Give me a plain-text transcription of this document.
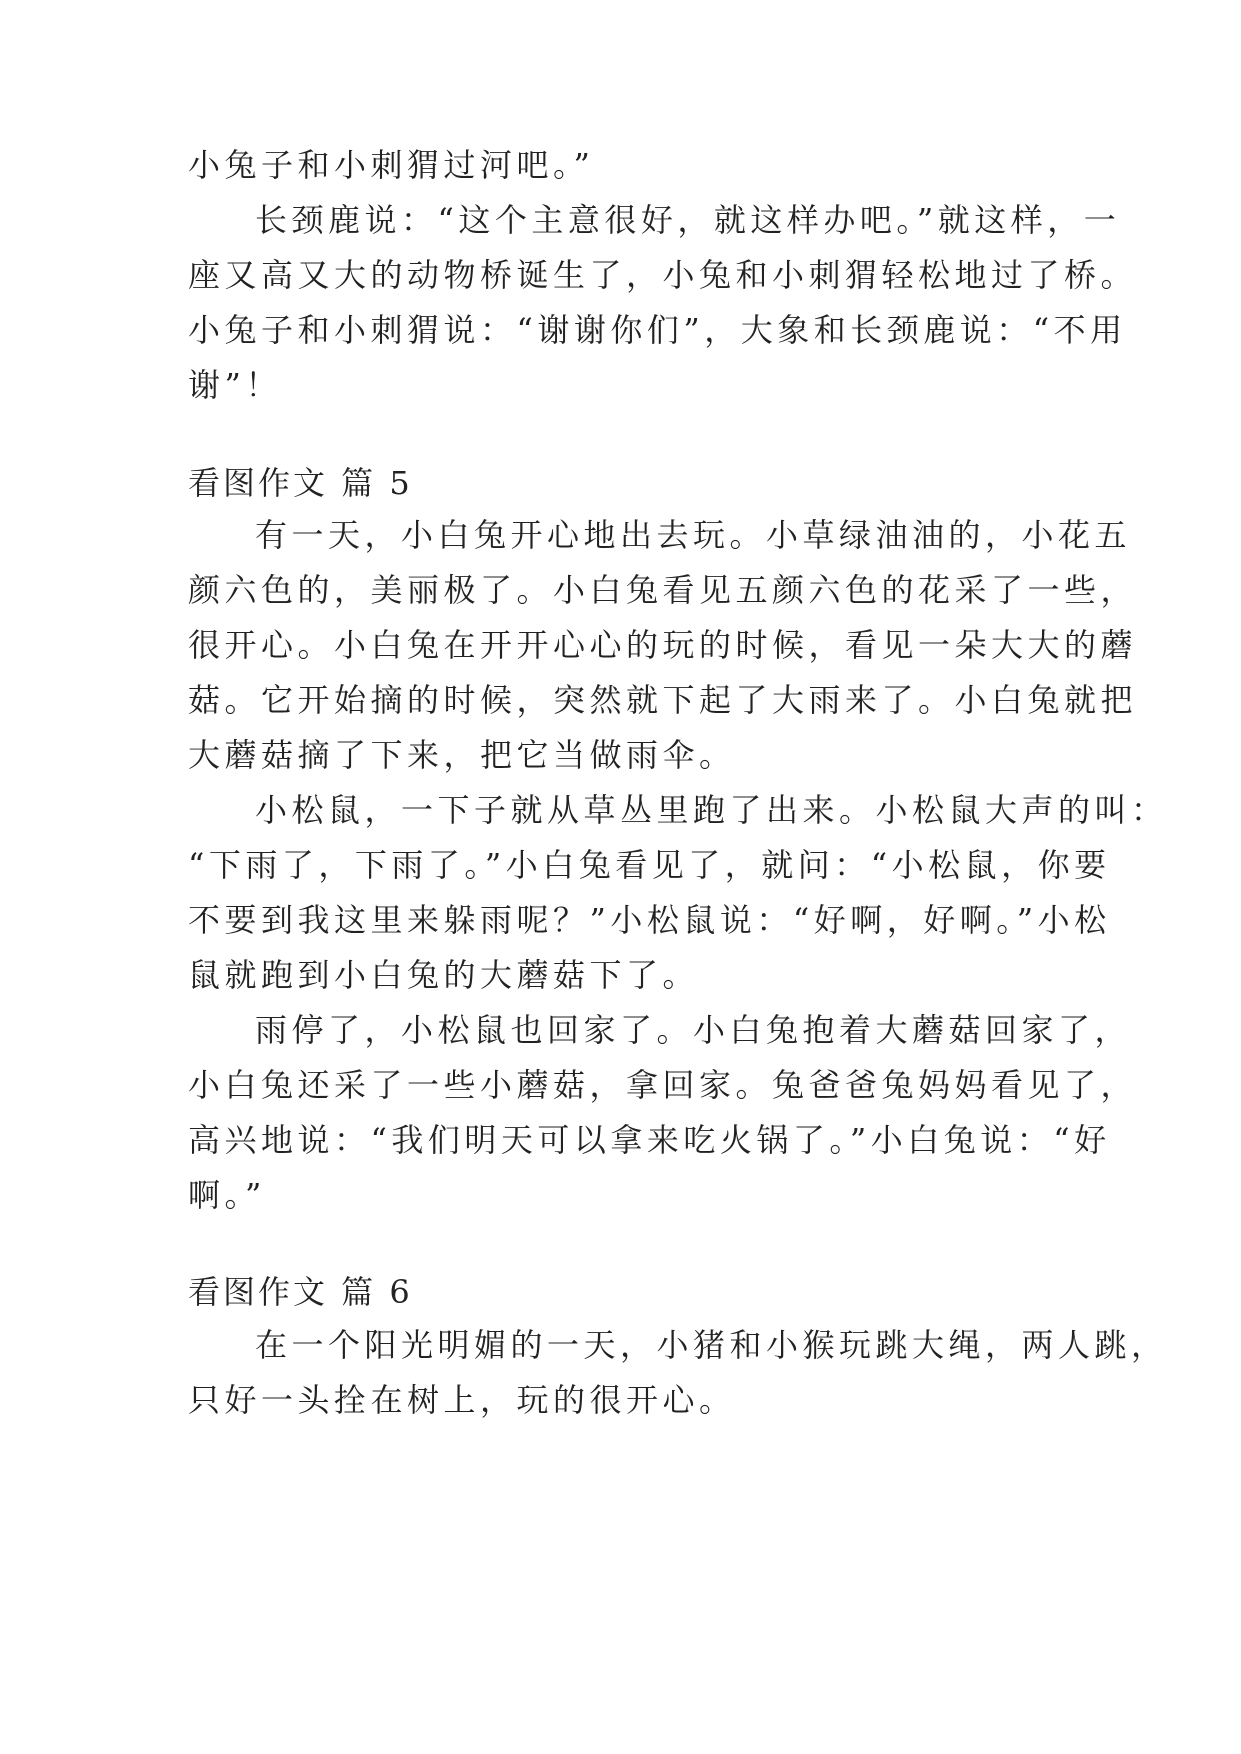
小兔子和小刺猬过河吧。”
长颈鹿说：“这个主意很好，就这样办吧。”就这样，一
座又高又大的动物桥诞生了，小兔和小刺猬轻松地过了桥。
小兔子和小刺猬说：“谢谢你们”，大象和长颈鹿说：“不用
谢”！
看图作文 篇 5
有一天，小白兔开心地出去玩。小草绿油油的，小花五
颜六色的，美丽极了。小白兔看见五颜六色的花采了一些，
很开心。小白兔在开开心心的玩的时候，看见一朵大大的蘑
菇。它开始摘的时候，突然就下起了大雨来了。小白兔就把
大蘑菇摘了下来，把它当做雨伞。
小松鼠，一下子就从草丛里跑了出来。小松鼠大声的叫：
“下雨了，下雨了。”小白兔看见了，就问：“小松鼠，你要
不要到我这里来躲雨呢？”小松鼠说：“好啊，好啊。”小松
鼠就跑到小白兔的大蘑菇下了。
雨停了，小松鼠也回家了。小白兔抱着大蘑菇回家了，
小白兔还采了一些小蘑菇，拿回家。兔爸爸兔妈妈看见了，
高兴地说：“我们明天可以拿来吃火锅了。”小白兔说：“好
啊。”
看图作文 篇 6
在一个阳光明媚的一天，小猪和小猴玩跳大绳，两人跳，
只好一头拴在树上，玩的很开心。
